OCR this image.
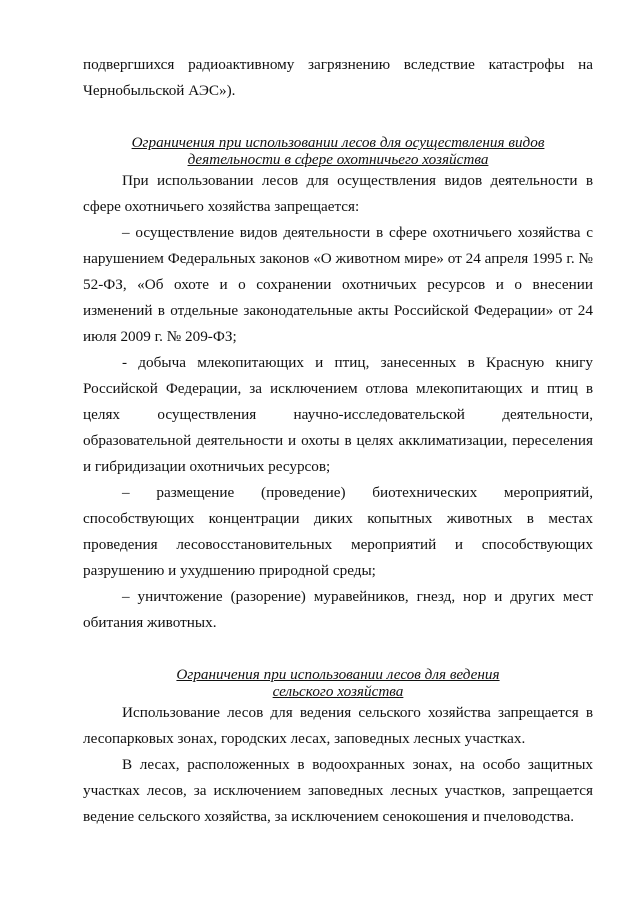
подвергшихся радиоактивному загрязнению вследствие катастрофы на Чернобыльской АЭС»).

Ограничения при использовании лесов для осуществления видов
деятельности в сфере охотничьего хозяйства

При использовании лесов для осуществления видов деятельности в сфере охотничьего хозяйства запрещается:

– осуществление видов деятельности в сфере охотничьего хозяйства с нарушением Федеральных законов «О животном мире» от 24 апреля 1995 г. № 52-ФЗ, «Об охоте и о сохранении охотничьих ресурсов и о внесении изменений в отдельные законодательные акты Российской Федерации» от 24 июля 2009 г. № 209-ФЗ;

- добыча млекопитающих и птиц, занесенных в Красную книгу Российской Федерации, за исключением отлова млекопитающих и птиц в целях осуществления научно-исследовательской деятельности, образовательной деятельности и охоты в целях акклиматизации, переселения и гибридизации охотничьих ресурсов;

– размещение (проведение) биотехнических мероприятий, способствующих концентрации диких копытных животных в местах проведения лесовосстановительных мероприятий и способствующих разрушению и ухудшению природной среды;

– уничтожение (разорение) муравейников, гнезд, нор и других мест обитания животных.

Ограничения при использовании лесов для ведения
сельского хозяйства

Использование лесов для ведения сельского хозяйства запрещается в лесопарковых зонах, городских лесах, заповедных лесных участках.

В лесах, расположенных в водоохранных зонах, на особо защитных участках лесов, за исключением заповедных лесных участков, запрещается ведение сельского хозяйства, за исключением сенокошения и пчеловодства.
